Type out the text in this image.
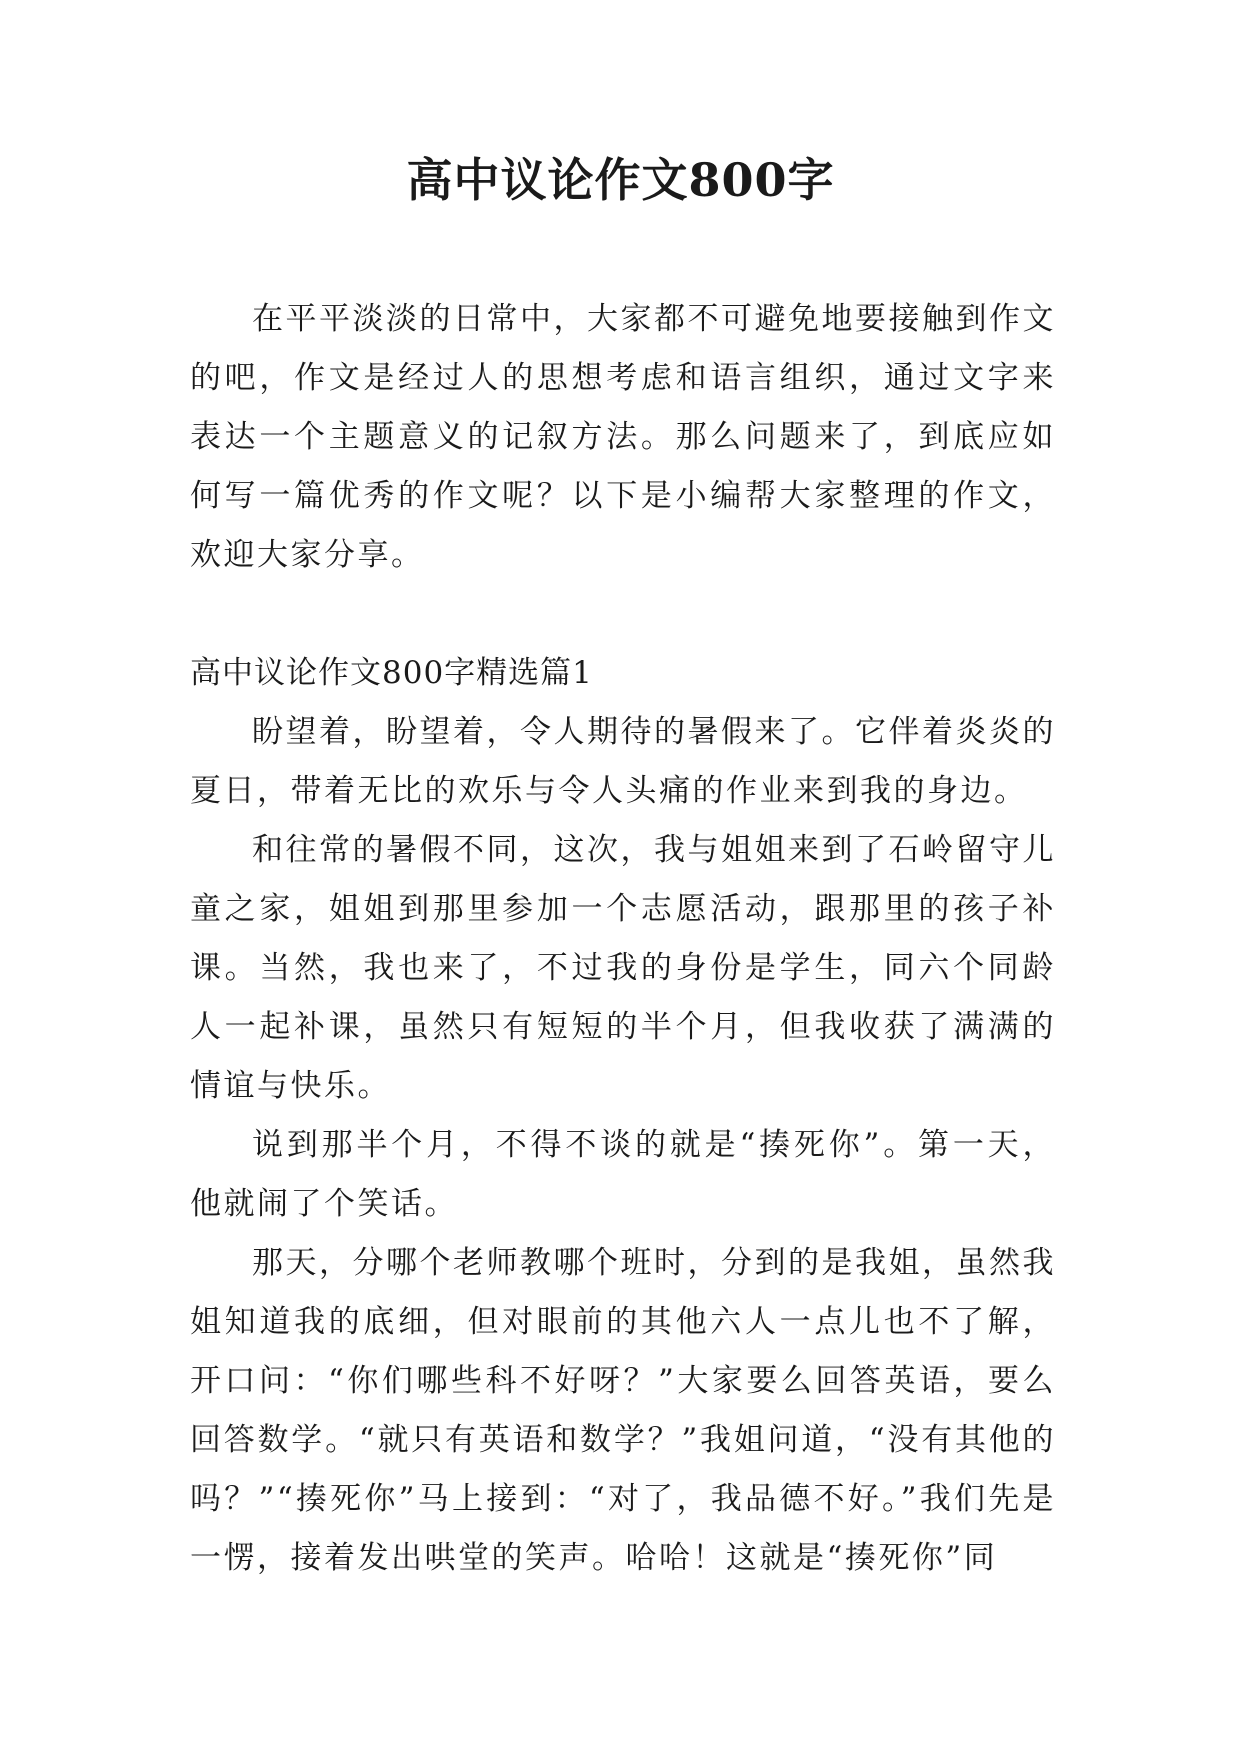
高中议论作文800字

在平平淡淡的日常中，大家都不可避免地要接触到作文的吧，作文是经过人的思想考虑和语言组织，通过文字来表达一个主题意义的记叙方法。那么问题来了，到底应如何写一篇优秀的作文呢？以下是小编帮大家整理的作文，欢迎大家分享。

高中议论作文800字精选篇1

盼望着，盼望着，令人期待的暑假来了。它伴着炎炎的夏日，带着无比的欢乐与令人头痛的作业来到我的身边。

和往常的暑假不同，这次，我与姐姐来到了石岭留守儿童之家，姐姐到那里参加一个志愿活动，跟那里的孩子补课。当然，我也来了，不过我的身份是学生，同六个同龄人一起补课，虽然只有短短的半个月，但我收获了满满的情谊与快乐。

说到那半个月，不得不谈的就是“揍死你”。第一天，他就闹了个笑话。

那天，分哪个老师教哪个班时，分到的是我姐，虽然我姐知道我的底细，但对眼前的其他六人一点儿也不了解，开口问：“你们哪些科不好呀？”大家要么回答英语，要么回答数学。“就只有英语和数学？”我姐问道，“没有其他的吗？”“揍死你”马上接到：“对了，我品德不好。”我们先是一愣，接着发出哄堂的笑声。哈哈！这就是“揍死你”同
